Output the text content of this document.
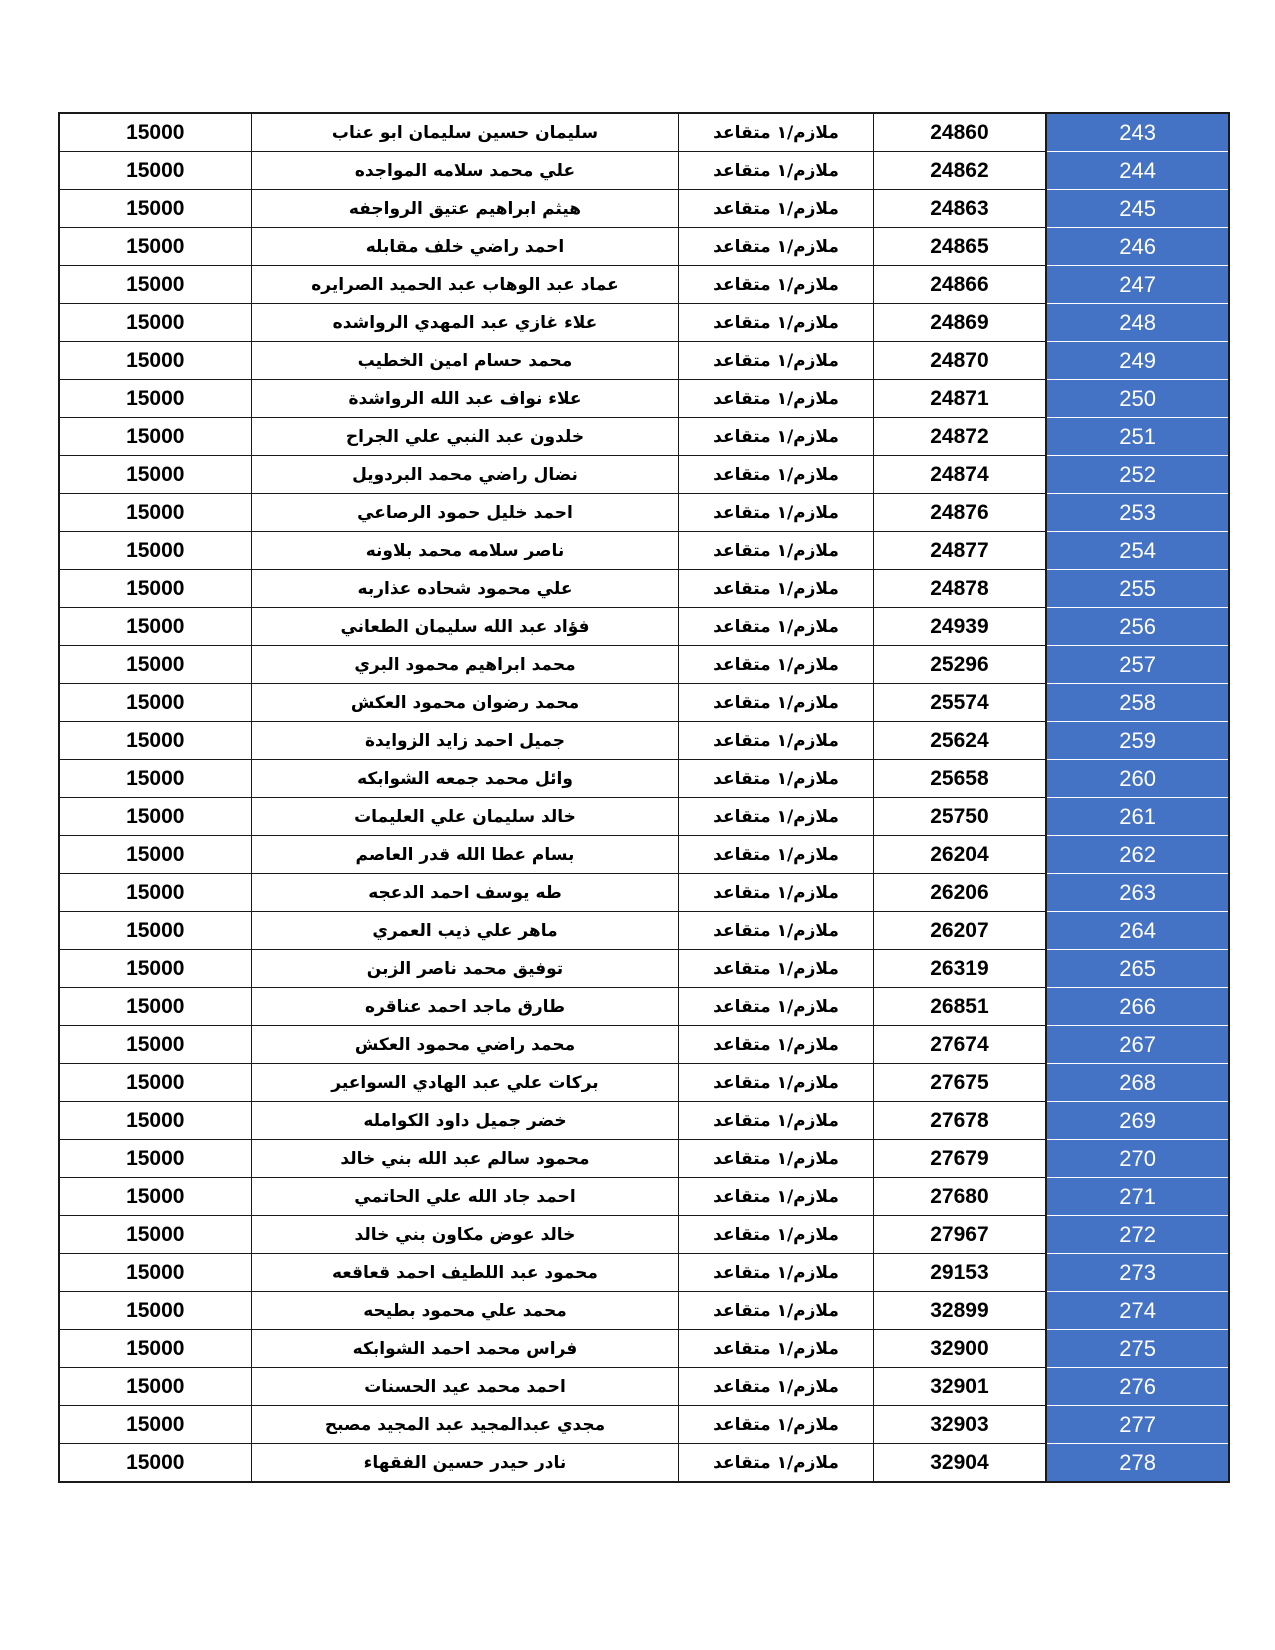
15000	سليمان حسين سليمان ابو عناب	ملازم/١ متقاعد	24860	243
15000	علي محمد سلامه المواجده	ملازم/١ متقاعد	24862	244
15000	هيثم ابراهيم عتيق الرواجفه	ملازم/١ متقاعد	24863	245
15000	احمد راضي خلف مقابله	ملازم/١ متقاعد	24865	246
15000	عماد عبد الوهاب عبد الحميد الصرايره	ملازم/١ متقاعد	24866	247
15000	علاء غازي عبد المهدي الرواشده	ملازم/١ متقاعد	24869	248
15000	محمد حسام امين الخطيب	ملازم/١ متقاعد	24870	249
15000	علاء نواف عبد الله الرواشدة	ملازم/١ متقاعد	24871	250
15000	خلدون عبد النبي علي الجراح	ملازم/١ متقاعد	24872	251
15000	نضال راضي محمد البردويل	ملازم/١ متقاعد	24874	252
15000	احمد خليل حمود الرصاعي	ملازم/١ متقاعد	24876	253
15000	ناصر سلامه محمد بلاونه	ملازم/١ متقاعد	24877	254
15000	علي محمود شحاده عذاربه	ملازم/١ متقاعد	24878	255
15000	فؤاد عبد الله سليمان الطعاني	ملازم/١ متقاعد	24939	256
15000	محمد ابراهيم محمود البري	ملازم/١ متقاعد	25296	257
15000	محمد رضوان محمود العكش	ملازم/١ متقاعد	25574	258
15000	جميل احمد زايد الزوايدة	ملازم/١ متقاعد	25624	259
15000	وائل محمد جمعه الشوابكه	ملازم/١ متقاعد	25658	260
15000	خالد سليمان علي العليمات	ملازم/١ متقاعد	25750	261
15000	بسام عطا الله قدر العاصم	ملازم/١ متقاعد	26204	262
15000	طه يوسف احمد الدعجه	ملازم/١ متقاعد	26206	263
15000	ماهر علي ذيب العمري	ملازم/١ متقاعد	26207	264
15000	توفيق محمد ناصر الزبن	ملازم/١ متقاعد	26319	265
15000	طارق ماجد احمد عناقره	ملازم/١ متقاعد	26851	266
15000	محمد راضي محمود العكش	ملازم/١ متقاعد	27674	267
15000	بركات علي عبد الهادي السواعير	ملازم/١ متقاعد	27675	268
15000	خضر جميل داود الكوامله	ملازم/١ متقاعد	27678	269
15000	محمود سالم عبد الله بني خالد	ملازم/١ متقاعد	27679	270
15000	احمد جاد الله علي الحاتمي	ملازم/١ متقاعد	27680	271
15000	خالد عوض مكاون بني خالد	ملازم/١ متقاعد	27967	272
15000	محمود عبد اللطيف احمد قعاقعه	ملازم/١ متقاعد	29153	273
15000	محمد علي محمود بطيحه	ملازم/١ متقاعد	32899	274
15000	فراس محمد احمد الشوابكه	ملازم/١ متقاعد	32900	275
15000	احمد محمد عيد الحسنات	ملازم/١ متقاعد	32901	276
15000	مجدي عبدالمجيد عبد المجيد مصبح	ملازم/١ متقاعد	32903	277
15000	نادر حيدر حسين الفقهاء	ملازم/١ متقاعد	32904	278
